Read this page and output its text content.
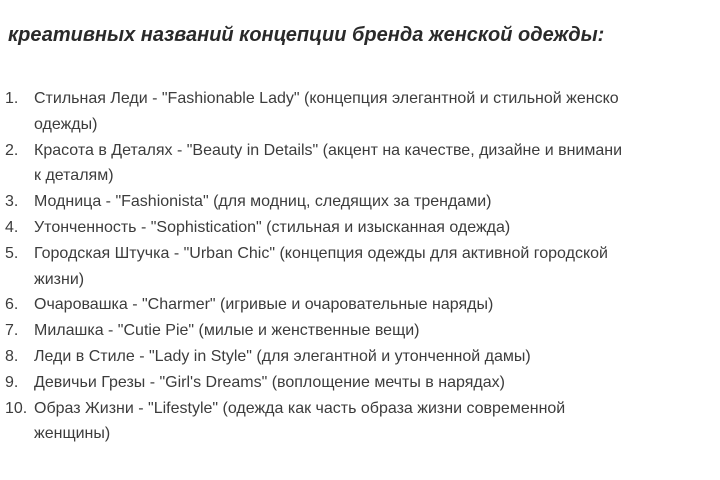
креативных названий концепции бренда женской одежды:
1. Стильная Леди - "Fashionable Lady" (концепция элегантной и стильной женско
одежды)
2. Красота в Деталях - "Beauty in Details" (акцент на качестве, дизайне и внимани
к деталям)
3. Модница - "Fashionista" (для модниц, следящих за трендами)
4. Утонченность - "Sophistication" (стильная и изысканная одежда)
5. Городская Штучка - "Urban Chic" (концепция одежды для активной городской
жизни)
6. Очаровашка - "Charmer" (игривые и очаровательные наряды)
7. Милашка - "Cutie Pie" (милые и женственные вещи)
8. Леди в Стиле - "Lady in Style" (для элегантной и утонченной дамы)
9. Девичьи Грезы - "Girl's Dreams" (воплощение мечты в нарядах)
10. Образ Жизни - "Lifestyle" (одежда как часть образа жизни современной
женщины)
